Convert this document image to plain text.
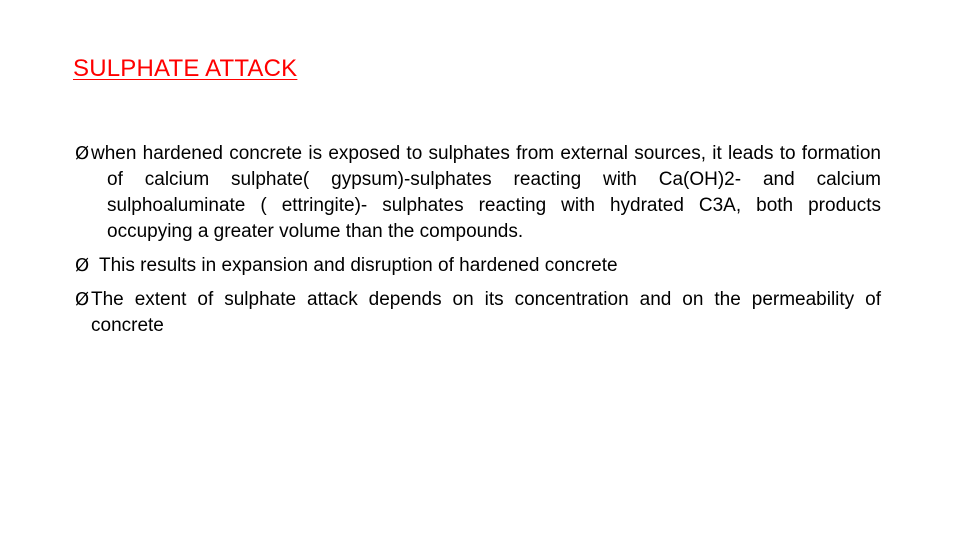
SULPHATE ATTACK
Ø when hardened concrete is exposed to sulphates from external sources, it leads to formation of calcium sulphate( gypsum)-sulphates reacting with Ca(OH)2- and calcium sulphoaluminate ( ettringite)- sulphates reacting with hydrated C3A, both products occupying a greater volume than the compounds.
Ø This results in expansion and disruption of hardened concrete
Ø The extent of sulphate attack depends on its concentration and on the permeability of concrete
